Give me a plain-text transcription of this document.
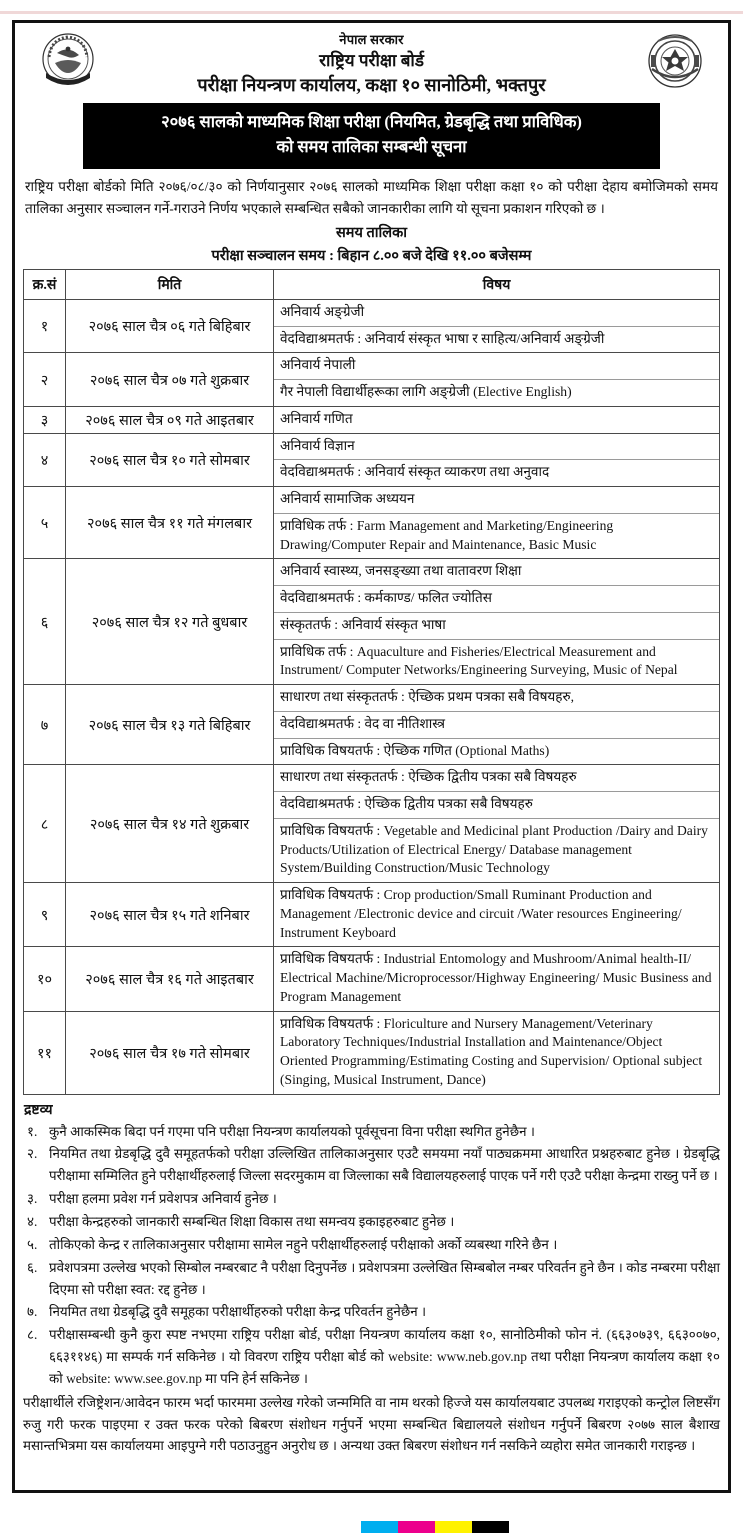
नेपाल सरकार
राष्ट्रिय परीक्षा बोर्ड
परीक्षा नियन्त्रण कार्यालय, कक्षा १० सानोठिमी, भक्तपुर
२०७६ सालको माध्यमिक शिक्षा परीक्षा (नियमित, ग्रेडबृद्धि तथा प्राविधिक)
को समय तालिका सम्बन्धी सूचना
राष्ट्रिय परीक्षा बोर्डको मिति २०७६/०८/३० को निर्णयानुसार २०७६ सालको माध्यमिक शिक्षा परीक्षा कक्षा १० को परीक्षा देहाय बमोजिमको समय तालिका अनुसार सञ्चालन गर्ने-गराउने निर्णय भएकाले सम्बन्धित सबैको जानकारीका लागि यो सूचना प्रकाशन गरिएको छ ।
समय तालिका
परीक्षा सञ्चालन समय : बिहान ८.०० बजे देखि ११.०० बजेसम्म
क्र.सं	मिति	विषय
१	२०७६ साल चैत्र ०६ गते बिहिबार	अनिवार्य अङ्ग्रेजी
वेदविद्याश्रमतर्फ : अनिवार्य संस्कृत भाषा र साहित्य/अनिवार्य अङ्ग्रेजी

२	२०७६ साल चैत्र ०७ गते शुक्रबार	अनिवार्य नेपाली
गैर नेपाली विद्यार्थीहरूका लागि अङ्ग्रेजी (Elective English)

३	२०७६ साल चैत्र ०९ गते आइतबार	अनिवार्य गणित

४	२०७६ साल चैत्र १० गते सोमबार	अनिवार्य विज्ञान
वेदविद्याश्रमतर्फ : अनिवार्य संस्कृत व्याकरण तथा अनुवाद

५	२०७६ साल चैत्र ११ गते मंगलबार	अनिवार्य सामाजिक अध्ययन
प्राविधिक तर्फ : Farm Management and Marketing/Engineering Drawing/Computer Repair and Maintenance, Basic Music

६	२०७६ साल चैत्र १२ गते बुधबार	अनिवार्य स्वास्थ्य, जनसङ्ख्या तथा वातावरण शिक्षा
वेदविद्याश्रमतर्फ : कर्मकाण्ड/ फलित ज्योतिस
संस्कृततर्फ : अनिवार्य संस्कृत भाषा
प्राविधिक तर्फ : Aquaculture and Fisheries/Electrical Measurement and Instrument/ Computer Networks/Engineering Surveying, Music of Nepal

७	२०७६ साल चैत्र १३ गते बिहिबार	साधारण तथा संस्कृततर्फ : ऐच्छिक प्रथम पत्रका सबै विषयहरु,
वेदविद्याश्रमतर्फ : वेद वा नीतिशास्त्र
प्राविधिक विषयतर्फ : ऐच्छिक गणित (Optional Maths)

८	२०७६ साल चैत्र १४ गते शुक्रबार	साधारण तथा संस्कृततर्फ : ऐच्छिक द्वितीय पत्रका सबै विषयहरु
वेदविद्याश्रमतर्फ : ऐच्छिक द्वितीय पत्रका सबै विषयहरु
प्राविधिक विषयतर्फ : Vegetable and Medicinal plant Production /Dairy and Dairy Products/Utilization of Electrical Energy/ Database management System/Building Construction/Music Technology

९	२०७६ साल चैत्र १५ गते शनिबार	प्राविधिक विषयतर्फ : Crop production/Small Ruminant Production and Management /Electronic device and circuit /Water resources Engineering/ Instrument Keyboard

१०	२०७६ साल चैत्र १६ गते आइतबार	प्राविधिक विषयतर्फ : Industrial Entomology and Mushroom/Animal health-II/ Electrical Machine/Microprocessor/Highway Engineering/ Music Business and Program Management

११	२०७६ साल चैत्र १७ गते सोमबार	प्राविधिक विषयतर्फ : Floriculture and Nursery Management/Veterinary Laboratory Techniques/Industrial Installation and Maintenance/Object Oriented Programming/Estimating Costing and Supervision/ Optional subject (Singing, Musical Instrument, Dance)
द्रष्टव्य
१. कुनै आकस्मिक बिदा पर्न गएमा पनि परीक्षा नियन्त्रण कार्यालयको पूर्वसूचना विना परीक्षा स्थगित हुनेछैन ।
२. नियमित तथा ग्रेडबृद्धि दुवै समूहतर्फको परीक्षा उल्लिखित तालिकाअनुसार एउटै समयमा नयाँ पाठ्यक्रममा आधारित प्रश्नहरुबाट हुनेछ । ग्रेडबृद्धि परीक्षामा सम्मिलित हुने परीक्षार्थीहरुलाई जिल्ला सदरमुकाम वा जिल्लाका सबै विद्यालयहरुलाई पाएक पर्ने गरी एउटै परीक्षा केन्द्रमा राख्नु पर्ने छ ।
३. परीक्षा हलमा प्रवेश गर्न प्रवेशपत्र अनिवार्य हुनेछ ।
४. परीक्षा केन्द्रहरुको जानकारी सम्बन्धित शिक्षा विकास तथा समन्वय इकाइहरुबाट हुनेछ ।
५. तोकिएको केन्द्र र तालिकाअनुसार परीक्षामा सामेल नहुने परीक्षार्थीहरुलाई परीक्षाको अर्को व्यबस्था गरिने छैन ।
६. प्रवेशपत्रमा उल्लेख भएको सिम्बोल नम्बरबाट नै परीक्षा दिनुपर्नेछ । प्रवेशपत्रमा उल्लेखित सिम्बबोल नम्बर परिवर्तन हुने छैन । कोड नम्बरमा परीक्षा दिएमा सो परीक्षा स्वत: रद्द हुनेछ ।
७. नियमित तथा ग्रेडबृद्धि दुवै समूहका परीक्षार्थीहरुको परीक्षा केन्द्र परिवर्तन हुनेछैन ।
८. परीक्षासम्बन्धी कुनै कुरा स्पष्ट नभएमा राष्ट्रिय परीक्षा बोर्ड, परीक्षा नियन्त्रण कार्यालय कक्षा १०, सानोठिमीको फोन नं. (६६३०७३९, ६६३००७०, ६६३११४६) मा सम्पर्क गर्न सकिनेछ । यो विवरण राष्ट्रिय परीक्षा बोर्ड को website: www.neb.gov.np तथा परीक्षा नियन्त्रण कार्यालय कक्षा १० को website: www.see.gov.np मा पनि हेर्न सकिनेछ ।
परीक्षार्थीले रजिष्ट्रेशन/आवेदन फारम भर्दा फारममा उल्लेख गरेको जन्ममिति वा नाम थरको हिज्जे यस कार्यालयबाट उपलब्ध गराइएको कन्ट्रोल लिष्टसँग रुजु गरी फरक पाइएमा र उक्त फरक परेको बिबरण संशोधन गर्नुपर्ने भएमा सम्बन्धित बिद्यालयले संशोधन गर्नुपर्ने बिबरण २०७७ साल बैशाख मसान्तभित्रमा यस कार्यालयमा आइपुग्ने गरी पठाउनुहुन अनुरोध छ । अन्यथा उक्त बिबरण संशोधन गर्न नसकिने व्यहोरा समेत जानकारी गराइन्छ ।
